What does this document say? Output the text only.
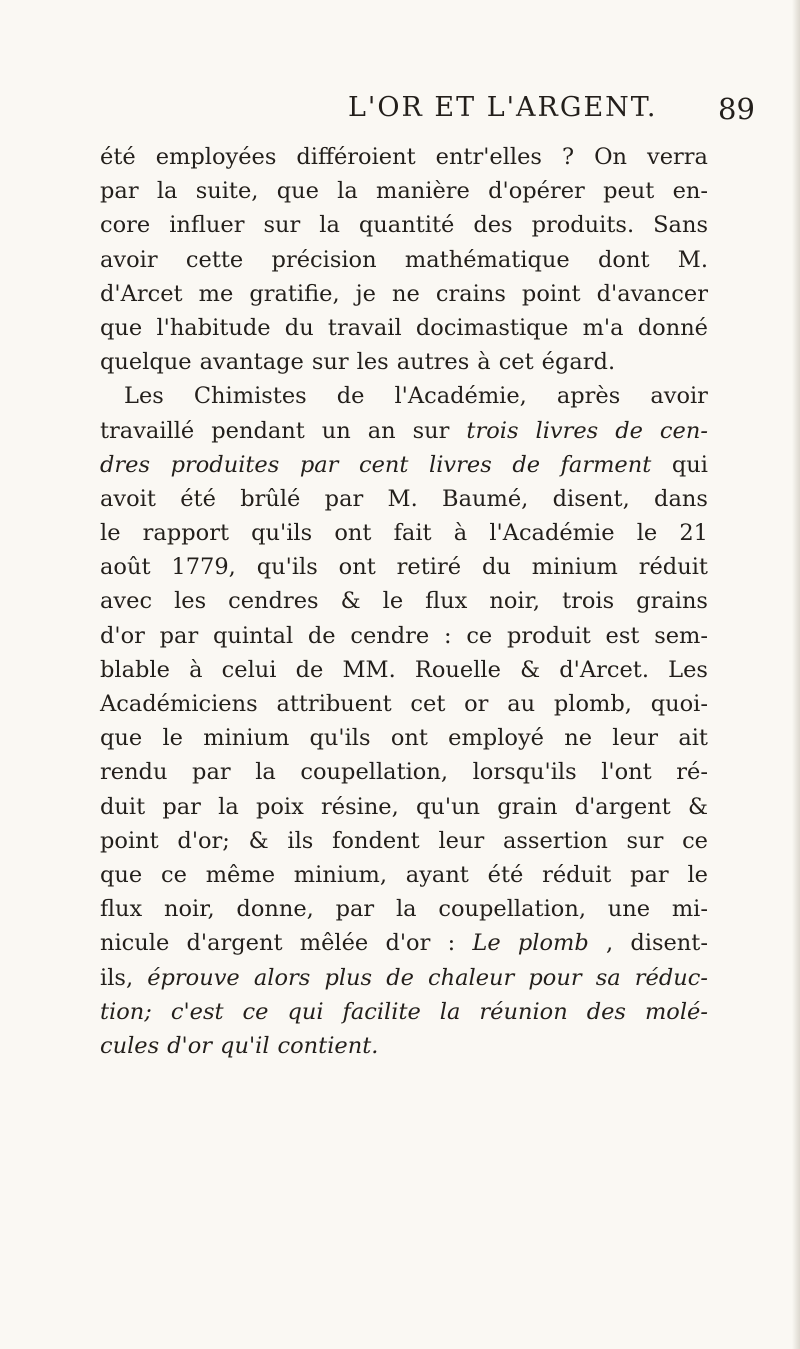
L'OR ET L'ARGENT. 89
été employées différoient entr'elles ? On verra
par la suite, que la manière d'opérer peut en-
core influer sur la quantité des produits. Sans
avoir cette précision mathématique dont M.
d'Arcet me gratifie, je ne crains point d'avancer
que l'habitude du travail docimastique m'a donné
quelque avantage sur les autres à cet égard.
Les Chimistes de l'Académie, après avoir
travaillé pendant un an sur trois livres de cen-
dres produites par cent livres de farment qui
avoit été brûlé par M. Baumé, disent, dans
le rapport qu'ils ont fait à l'Académie le 21
août 1779, qu'ils ont retiré du minium réduit
avec les cendres & le flux noir, trois grains
d'or par quintal de cendre : ce produit est sem-
blable à celui de MM. Rouelle & d'Arcet. Les
Académiciens attribuent cet or au plomb, quoi-
que le minium qu'ils ont employé ne leur ait
rendu par la coupellation, lorsqu'ils l'ont ré-
duit par la poix résine, qu'un grain d'argent &
point d'or; & ils fondent leur assertion sur ce
que ce même minium, ayant été réduit par le
flux noir, donne, par la coupellation, une mi-
nicule d'argent mêlée d'or : Le plomb , disent-
ils, éprouve alors plus de chaleur pour sa réduc-
tion; c'est ce qui facilite la réunion des molé-
cules d'or qu'il contient.
